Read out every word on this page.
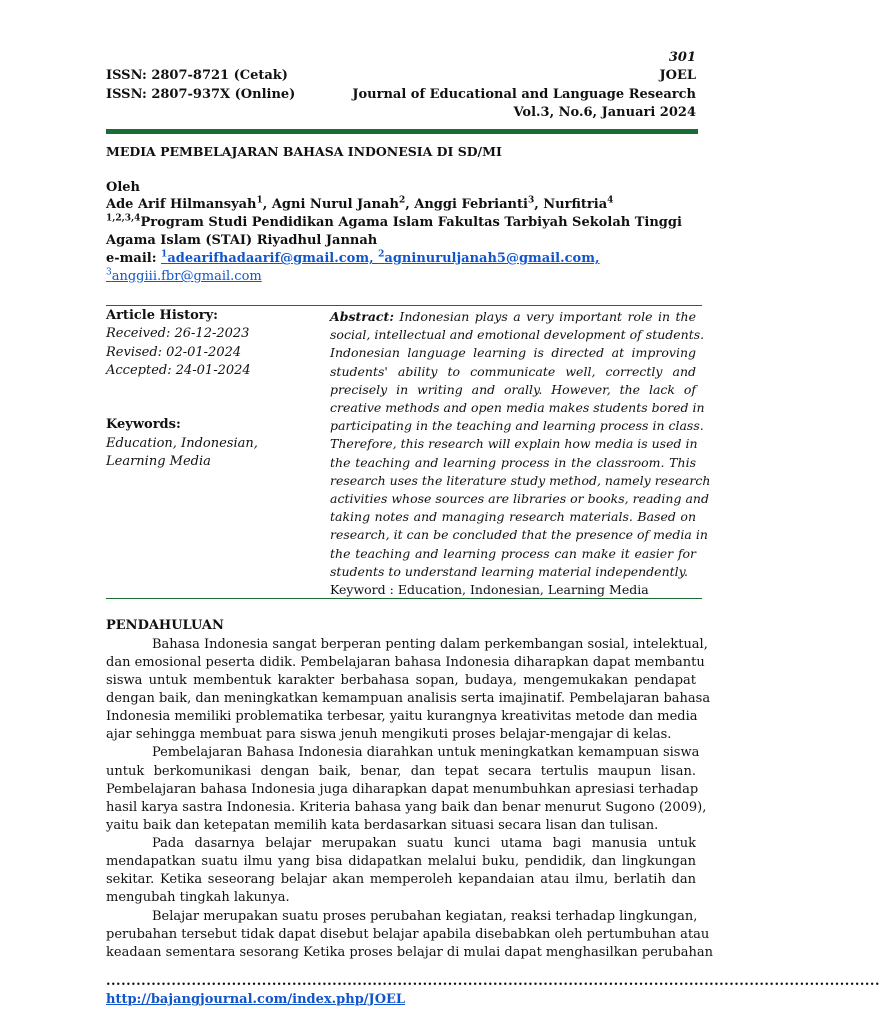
301
ISSN: 2807-8721 (Cetak)	JOEL
ISSN: 2807-937X (Online)	Journal of Educational and Language Research
Vol.3, No.6, Januari 2024
MEDIA PEMBELAJARAN BAHASA INDONESIA DI SD/MI
Oleh
Ade Arif Hilmansyah$^1$, Agni Nurul Janah$^2$, Anggi Febrianti$^3$, Nurfitria$^4$
$^{1,2,3,4}$Program Studi Pendidikan Agama Islam Fakultas Tarbiyah Sekolah Tinggi
Agama Islam (STAI) Riyadhul Jannah
e-mail: $^1$adearifhadaarif@gmail.com, $^2$agninuruljanah5@gmail.com,
$^3$anggiii.fbr@gmail.com
Article History:
Received: 26-12-2023
Revised: 02-01-2024
Accepted: 24-01-2024
Keywords:
Education, Indonesian,
Learning Media

Abstract: Indonesian plays a very important role in the

social, intellectual and emotional development of students.

Indonesian language learning is directed at improving

students' ability to communicate well, correctly and

precisely in writing and orally. However, the lack of

creative methods and open media makes students bored in

participating in the teaching and learning process in class.

Therefore, this research will explain how media is used in

the teaching and learning process in the classroom. This

research uses the literature study method, namely research

activities whose sources are libraries or books, reading and

taking notes and managing research materials. Based on

research, it can be concluded that the presence of media in

the teaching and learning process can make it easier for

students to understand learning material independently.

Keyword : Education, Indonesian, Learning Media

PENDAHULUAN
Bahasa Indonesia sangat berperan penting dalam perkembangan sosial, intelektual,
dan emosional peserta didik. Pembelajaran bahasa Indonesia diharapkan dapat membantu
siswa untuk membentuk karakter berbahasa sopan, budaya, mengemukakan pendapat
dengan baik, dan meningkatkan kemampuan analisis serta imajinatif. Pembelajaran bahasa
Indonesia memiliki problematika terbesar, yaitu kurangnya kreativitas metode dan media
ajar sehingga membuat para siswa jenuh mengikuti proses belajar-mengajar di kelas.
Pembelajaran Bahasa Indonesia diarahkan untuk meningkatkan kemampuan siswa
untuk berkomunikasi dengan baik, benar, dan tepat secara tertulis maupun lisan.
Pembelajaran bahasa Indonesia juga diharapkan dapat menumbuhkan apresiasi terhadap
hasil karya sastra Indonesia. Kriteria bahasa yang baik dan benar menurut Sugono (2009),
yaitu baik dan ketepatan memilih kata berdasarkan situasi secara lisan dan tulisan.
Pada dasarnya belajar merupakan suatu kunci utama bagi manusia untuk
mendapatkan suatu ilmu yang bisa didapatkan melalui buku, pendidik, dan lingkungan
sekitar. Ketika seseorang belajar akan memperoleh kepandaian atau ilmu, berlatih dan
mengubah tingkah lakunya.
Belajar merupakan suatu proses perubahan kegiatan, reaksi terhadap lingkungan,
perubahan tersebut tidak dapat disebut belajar apabila disebabkan oleh pertumbuhan atau
keadaan sementara sesorang Ketika proses belajar di mulai dapat menghasilkan perubahan
..........................................................................................................................................................
http://bajangjournal.com/index.php/JOEL
